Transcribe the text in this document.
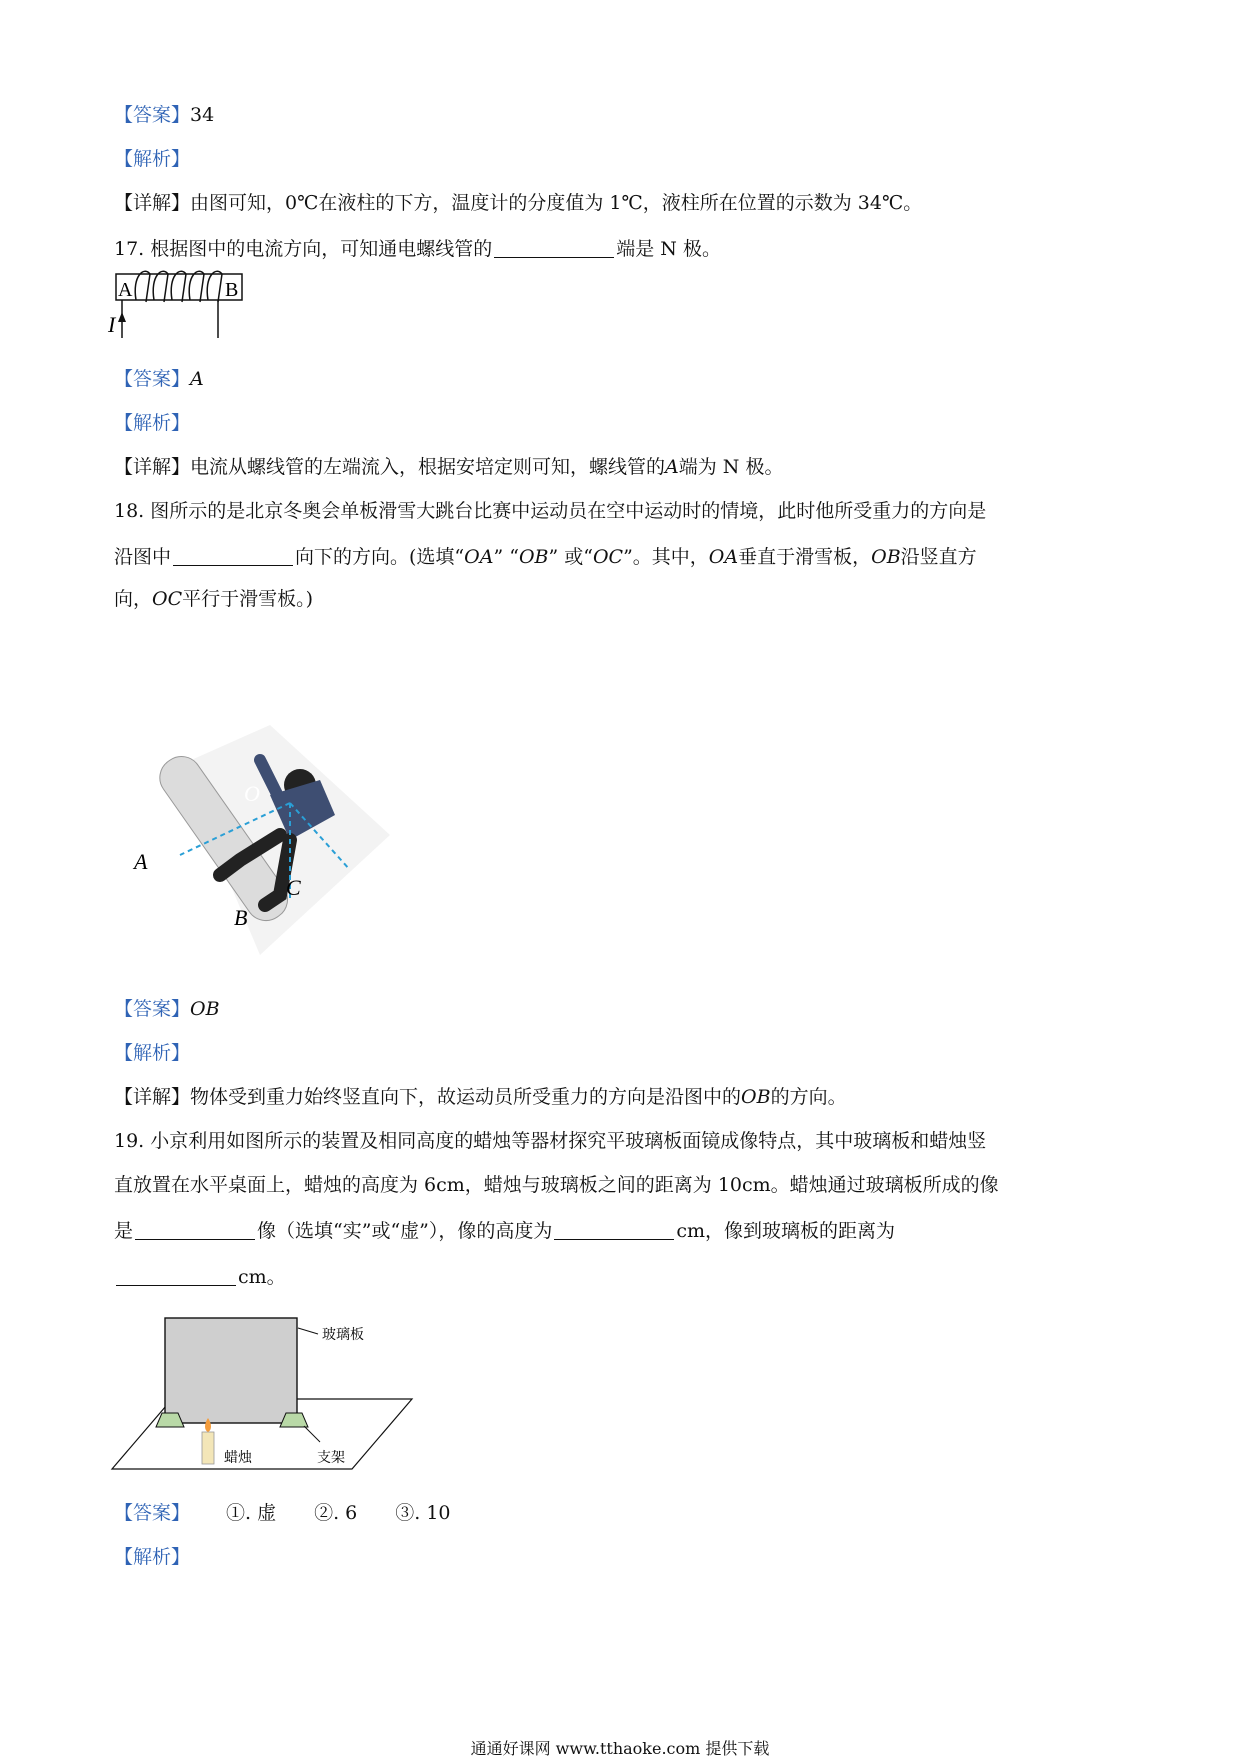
【答案】34
【解析】
【详解】由图可知，0℃在液柱的下方，温度计的分度值为 1℃，液柱所在位置的示数为 34℃。
17. 根据图中的电流方向，可知通电螺线管的	端是 N 极。
A	B
I
【答案】A
【解析】
【详解】电流从螺线管的左端流入，根据安培定则可知，螺线管的A端为 N 极。
18. 图所示的是北京冬奥会单板滑雪大跳台比赛中运动员在空中运动时的情境，此时他所受重力的方向是
沿图中	向下的方向。(选填“OA” “OB” 或“OC”。其中，OA垂直于滑雪板，OB沿竖直方
向，OC平行于滑雪板。)
O
A
B
C
【答案】OB
【解析】
【详解】物体受到重力始终竖直向下，故运动员所受重力的方向是沿图中的OB的方向。
19. 小京利用如图所示的装置及相同高度的蜡烛等器材探究平玻璃板面镜成像特点，其中玻璃板和蜡烛竖
直放置在水平桌面上，蜡烛的高度为 6cm，蜡烛与玻璃板之间的距离为 10cm。蜡烛通过玻璃板所成的像
是	像（选填“实”或“虚”），像的高度为	cm，像到玻璃板的距离为
cm。
玻璃板
蜡烛	支架
【答案】 ①. 虚　　②. 6　　③. 10
【解析】
通通好课网 www.tthaoke.com 提供下载
